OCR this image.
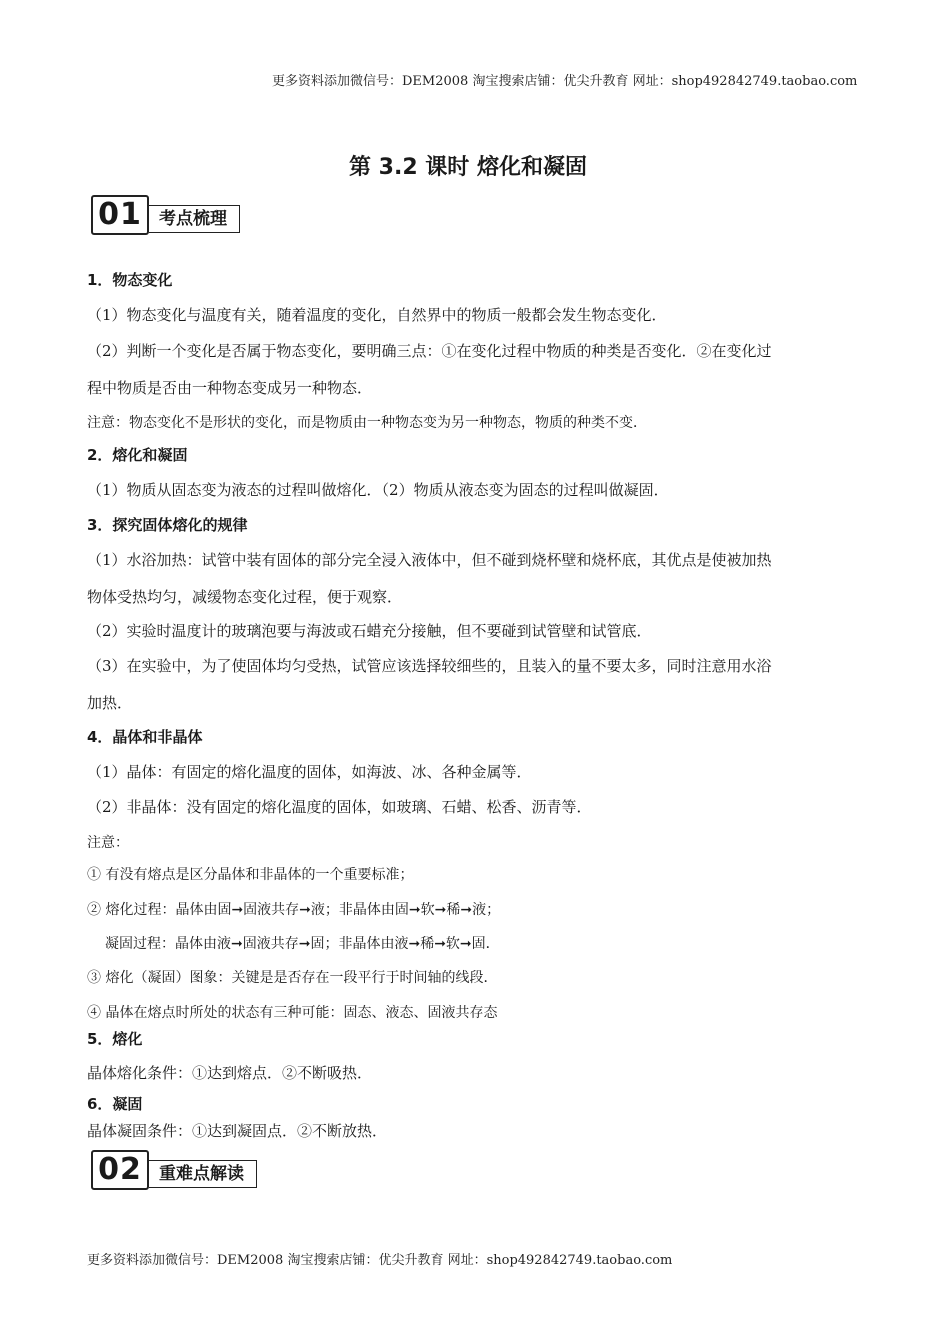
更多资料添加微信号：DEM2008 淘宝搜索店铺：优尖升教育 网址：shop492842749.taobao.com
第 3.2 课时 熔化和凝固
01	考点梳理
1．物态变化
（1）物态变化与温度有关，随着温度的变化，自然界中的物质一般都会发生物态变化．
（2）判断一个变化是否属于物态变化，要明确三点：①在变化过程中物质的种类是否变化．②在变化过
程中物质是否由一种物态变成另一种物态．
注意：物态变化不是形状的变化，而是物质由一种物态变为另一种物态，物质的种类不变．
2．熔化和凝固
（1）物质从固态变为液态的过程叫做熔化．（2）物质从液态变为固态的过程叫做凝固．
3．探究固体熔化的规律
（1）水浴加热：试管中装有固体的部分完全浸入液体中，但不碰到烧杯壁和烧杯底，其优点是使被加热
物体受热均匀，减缓物态变化过程，便于观察．
（2）实验时温度计的玻璃泡要与海波或石蜡充分接触，但不要碰到试管壁和试管底．
（3）在实验中，为了使固体均匀受热，试管应该选择较细些的，且装入的量不要太多，同时注意用水浴
加热．
4．晶体和非晶体
（1）晶体：有固定的熔化温度的固体，如海波、冰、各种金属等．
（2）非晶体：没有固定的熔化温度的固体，如玻璃、石蜡、松香、沥青等．
注意：
① 有没有熔点是区分晶体和非晶体的一个重要标准；
② 熔化过程：晶体由固➞固液共存➞液；非晶体由固➞软➞稀➞液；
凝固过程：晶体由液➞固液共存➞固；非晶体由液➞稀➞软➞固．
③ 熔化（凝固）图象：关键是是否存在一段平行于时间轴的线段．
④ 晶体在熔点时所处的状态有三种可能：固态、液态、固液共存态
5．熔化
晶体熔化条件：①达到熔点．②不断吸热．
6．凝固
晶体凝固条件：①达到凝固点．②不断放热．
02	重难点解读
更多资料添加微信号：DEM2008 淘宝搜索店铺：优尖升教育 网址：shop492842749.taobao.com
